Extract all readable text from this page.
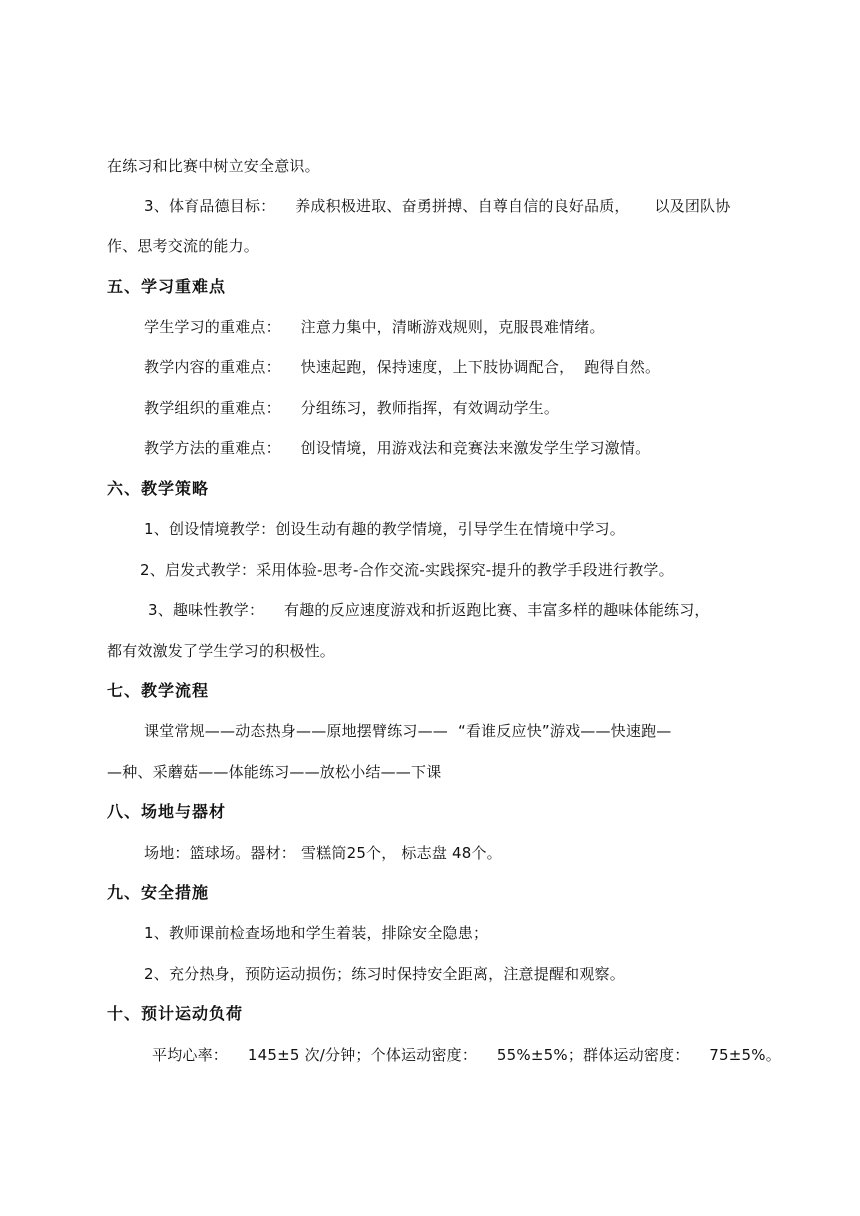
在练习和比赛中树立安全意识。
3、体育品德目标：    养成积极进取、奋勇拼搏、自尊自信的良好品质，     以及团队协
作、思考交流的能力。
五、学习重难点
学生学习的重难点：    注意力集中，清晰游戏规则，克服畏难情绪。
教学内容的重难点：    快速起跑，保持速度，上下肢协调配合，  跑得自然。
教学组织的重难点：    分组练习，教师指挥，有效调动学生。
教学方法的重难点：    创设情境，用游戏法和竞赛法来激发学生学习激情。
六、教学策略
1、创设情境教学：创设生动有趣的教学情境，引导学生在情境中学习。
2、启发式教学：采用体验-思考-合作交流-实践探究-提升的教学手段进行教学。
3、趣味性教学：    有趣的反应速度游戏和折返跑比赛、丰富多样的趣味体能练习，
都有效激发了学生学习的积极性。
七、教学流程
课堂常规——动态热身——原地摆臂练习——  “看谁反应快”游戏——快速跑—
—种、采蘑菇——体能练习——放松小结——下课
八、场地与器材
场地：篮球场。器材： 雪糕筒25个， 标志盘 48个。
九、安全措施
1、教师课前检查场地和学生着装，排除安全隐患；
2、充分热身，预防运动损伤；练习时保持安全距离，注意提醒和观察。
十、预计运动负荷
平均心率：    145±5 次/分钟；个体运动密度：    55%±5%；群体运动密度：    75±5%。
